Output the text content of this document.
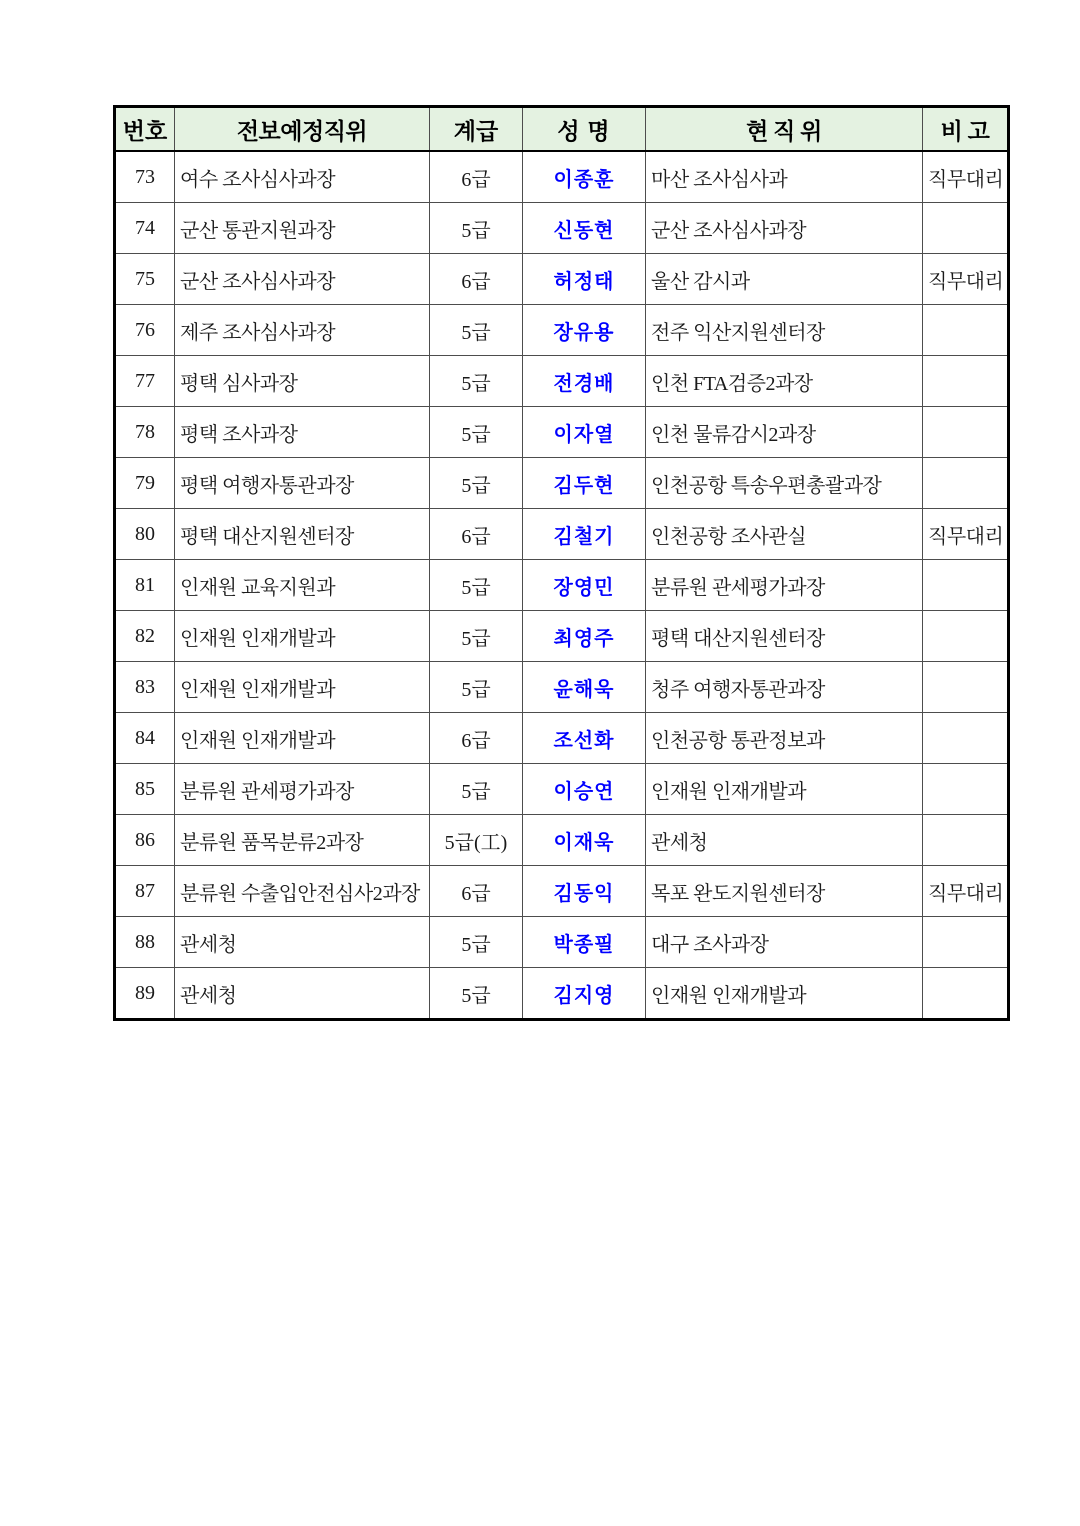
번호	전보예정직위	계급	성 명	현 직 위	비 고
73	여수 조사심사과장	6급	이종훈	마산 조사심사과	직무대리
74	군산 통관지원과장	5급	신동현	군산 조사심사과장	
75	군산 조사심사과장	6급	허정태	울산 감시과	직무대리
76	제주 조사심사과장	5급	장유용	전주 익산지원센터장	
77	평택 심사과장	5급	전경배	인천 FTA검증2과장	
78	평택 조사과장	5급	이자열	인천 물류감시2과장	
79	평택 여행자통관과장	5급	김두현	인천공항 특송우편총괄과장	
80	평택 대산지원센터장	6급	김철기	인천공항 조사관실	직무대리
81	인재원 교육지원과	5급	장영민	분류원 관세평가과장	
82	인재원 인재개발과	5급	최영주	평택 대산지원센터장	
83	인재원 인재개발과	5급	윤해욱	청주 여행자통관과장	
84	인재원 인재개발과	6급	조선화	인천공항 통관정보과	
85	분류원 관세평가과장	5급	이승연	인재원 인재개발과	
86	분류원 품목분류2과장	5급(工)	이재욱	관세청	
87	분류원 수출입안전심사2과장	6급	김동익	목포 완도지원센터장	직무대리
88	관세청	5급	박종필	대구 조사과장	
89	관세청	5급	김지영	인재원 인재개발과	
